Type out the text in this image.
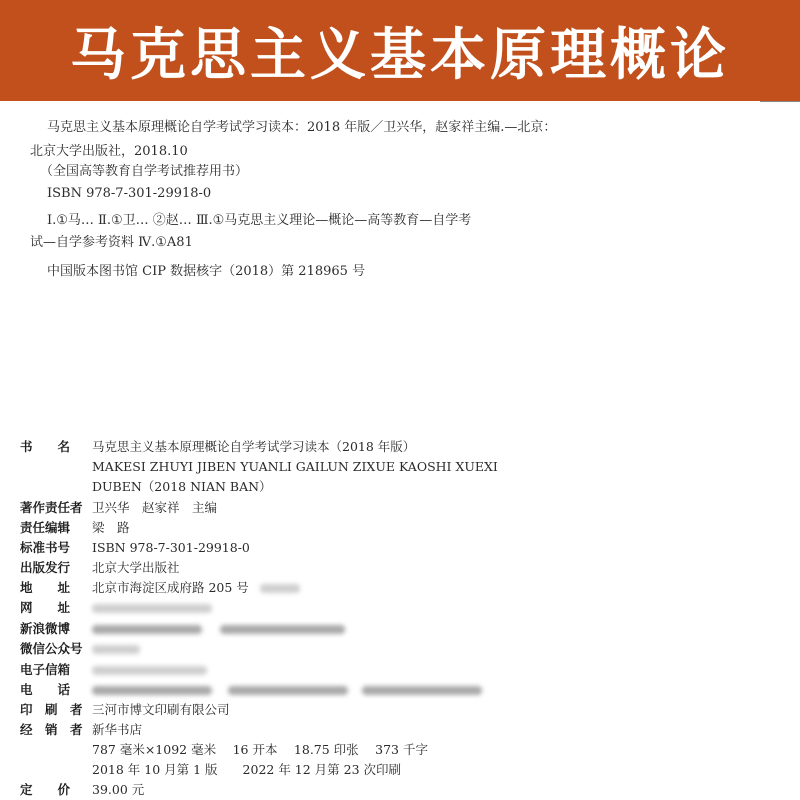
马克思主义基本原理概论
马克思主义基本原理概论自学考试学习读本：2018 年版／卫兴华，赵家祥主编.—北京：
北京大学出版社，2018.10
（全国高等教育自学考试推荐用书）
ISBN 978-7-301-29918-0
Ⅰ.①马… Ⅱ.①卫… ②赵… Ⅲ.①马克思主义理论—概论—高等教育—自学考
试—自学参考资料 Ⅳ.①A81
中国版本图书馆 CIP 数据核字（2018）第 218965 号
书　　名	马克思主义基本原理概论自学考试学习读本（2018 年版）
MAKESI ZHUYI JIBEN YUANLI GAILUN ZIXUE KAOSHI XUEXI
DUBEN（2018 NIAN BAN）
著作责任者 卫兴华　赵家祥　主编
责任编辑	梁　路
标准书号	ISBN 978-7-301-29918-0
出版发行	北京大学出版社
地　　址	北京市海淀区成府路 205 号
网　　址
新浪微博
微信公众号
电子信箱
电　　话
印　刷　者 三河市博文印刷有限公司
经　销　者 新华书店
787 毫米×1092 毫米　 16 开本　 18.75 印张　 373 千字
2018 年 10 月第 1 版　　2022 年 12 月第 23 次印刷
定　　价	39.00 元
